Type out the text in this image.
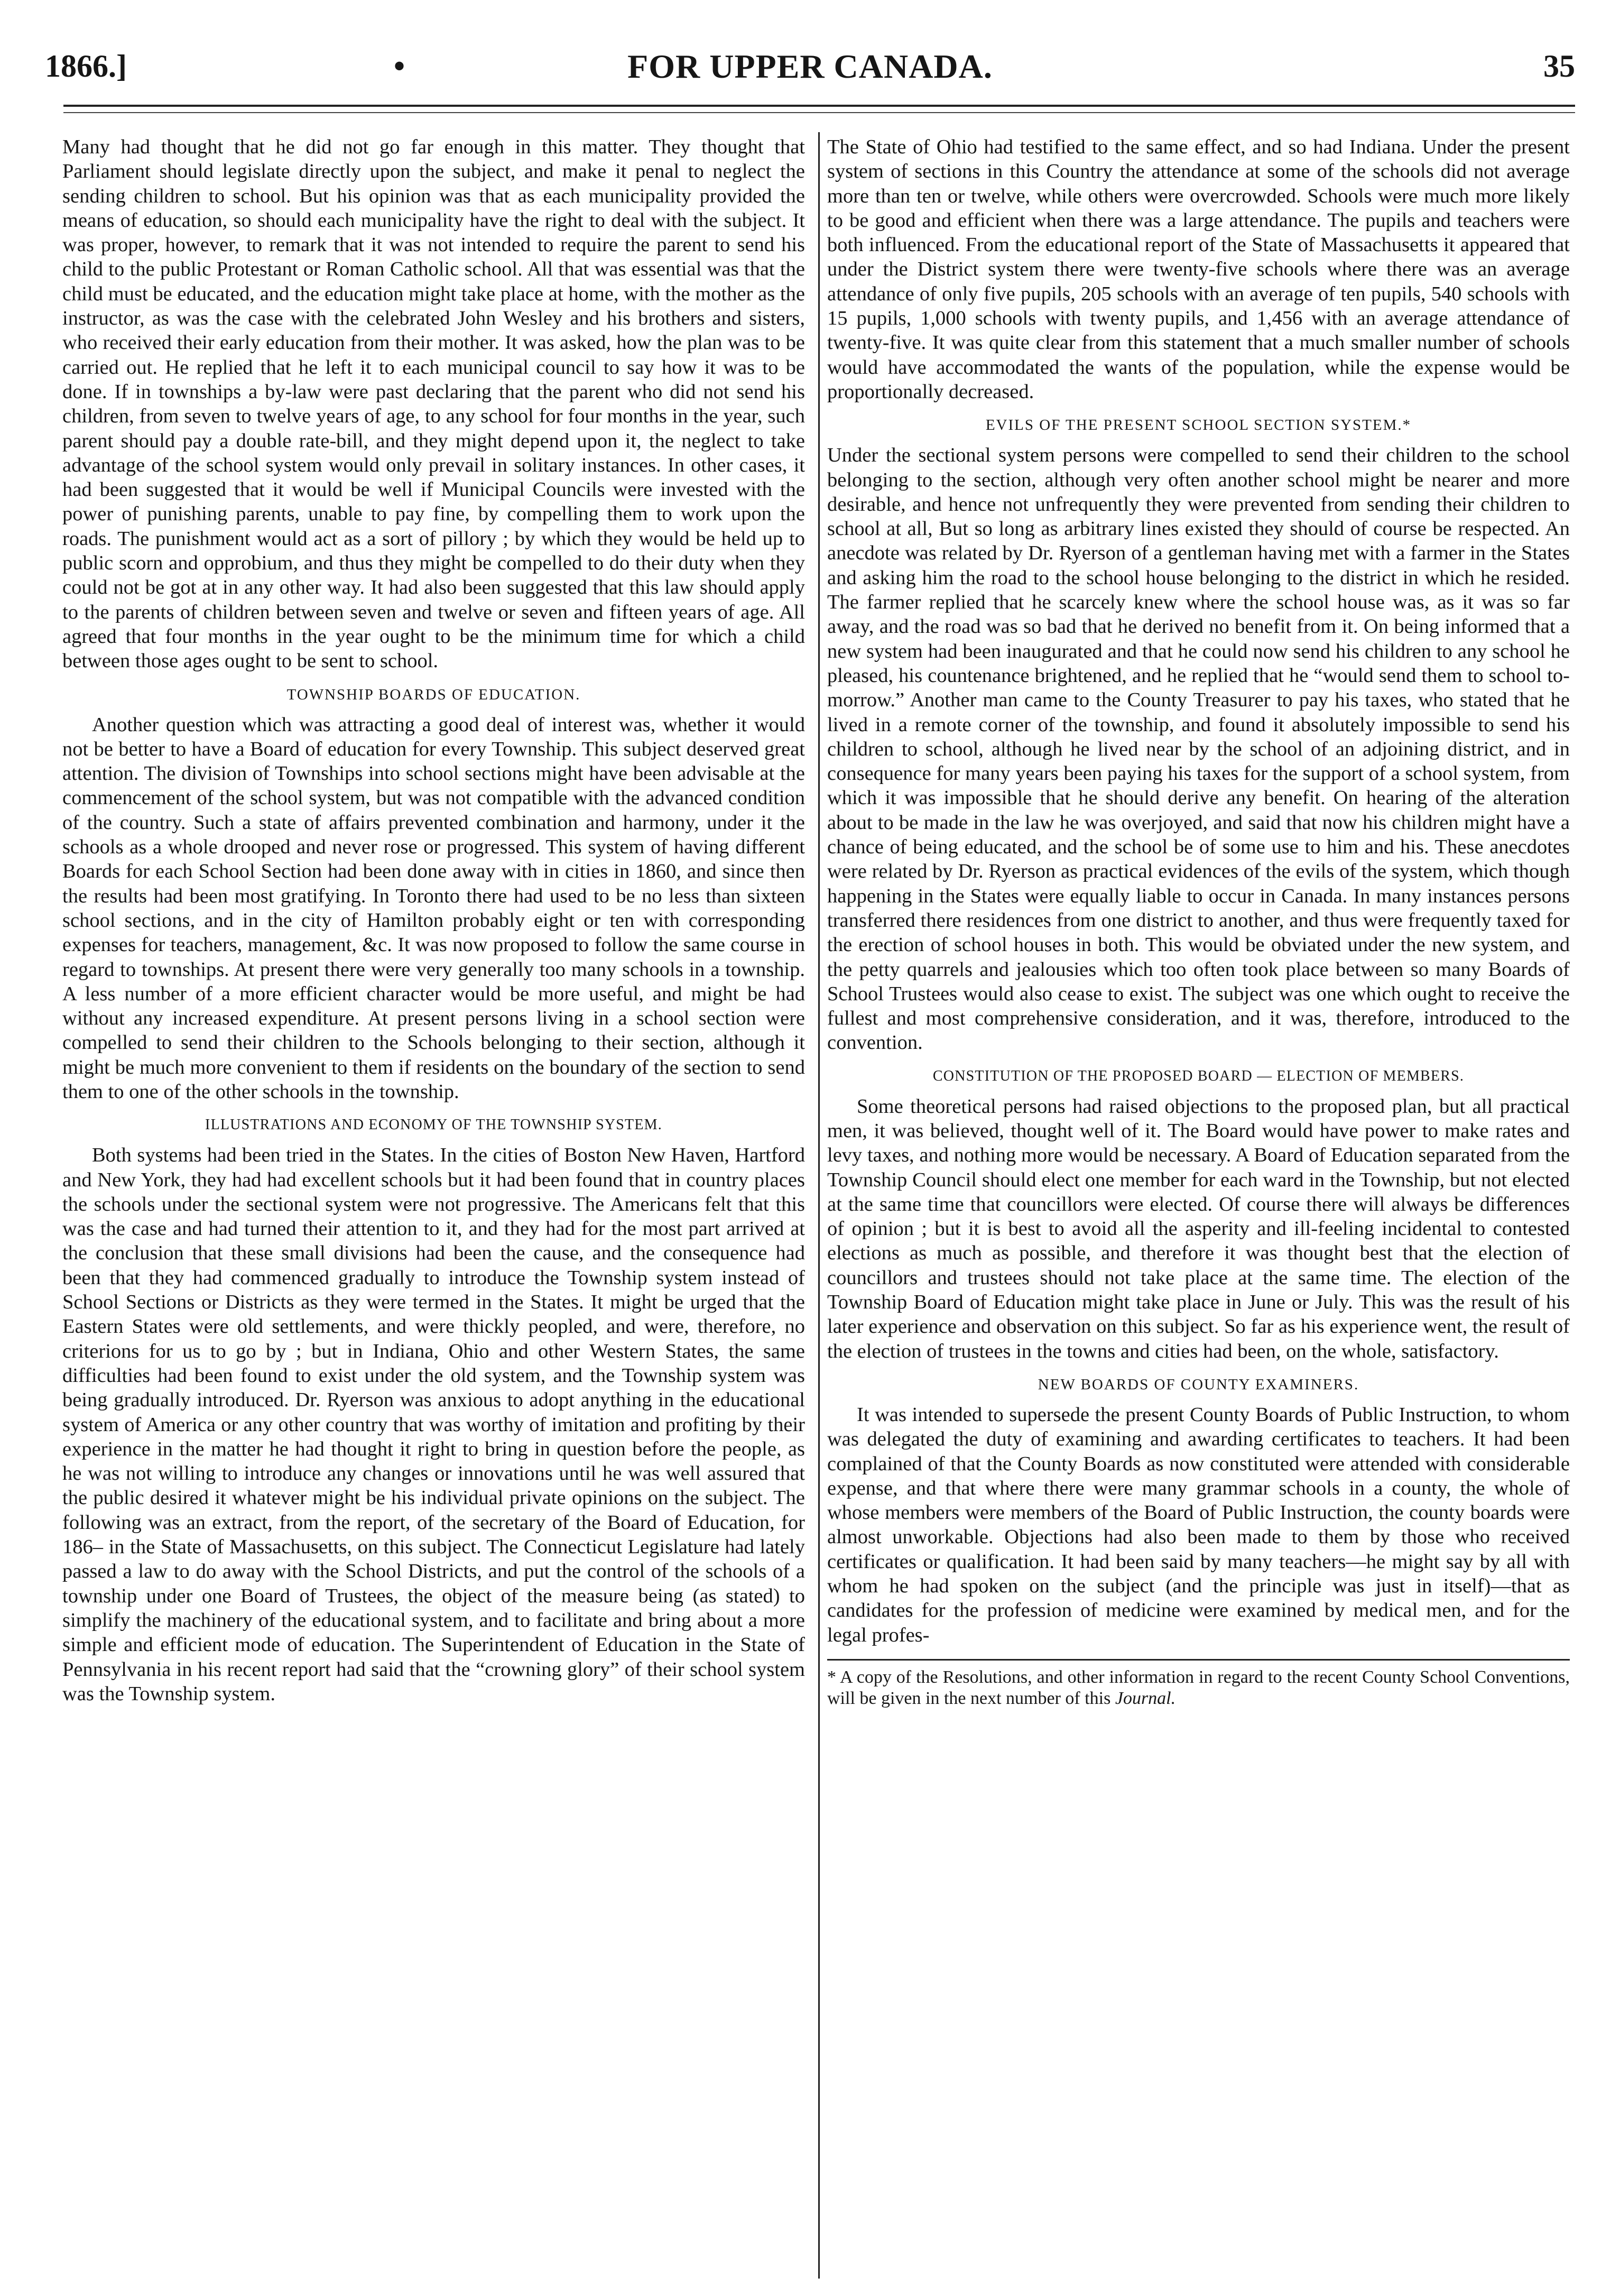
1866.]	•	FOR UPPER CANADA.	35

Many had thought that he did not go far enough in this matter. They thought that Parliament should legislate directly upon the subject, and make it penal to neglect the sending children to school. But his opinion was that as each municipality provided the means of education, so should each municipality have the right to deal with the subject. It was proper, however, to remark that it was not intended to require the parent to send his child to the public Protestant or Roman Catholic school. All that was essential was that the child must be educated, and the education might take place at home, with the mother as the instructor, as was the case with the celebrated John Wesley and his brothers and sisters, who received their early education from their mother. It was asked, how the plan was to be carried out. He replied that he left it to each municipal council to say how it was to be done. If in townships a by-law were past declaring that the parent who did not send his children, from seven to twelve years of age, to any school for four months in the year, such parent should pay a double rate-bill, and they might depend upon it, the neglect to take advantage of the school system would only prevail in solitary instances. In other cases, it had been suggested that it would be well if Municipal Councils were invested with the power of punishing parents, unable to pay fine, by compelling them to work upon the roads. The punishment would act as a sort of pillory ; by which they would be held up to public scorn and opprobium, and thus they might be compelled to do their duty when they could not be got at in any other way. It had also been suggested that this law should apply to the parents of children between seven and twelve or seven and fifteen years of age. All agreed that four months in the year ought to be the minimum time for which a child between those ages ought to be sent to school.

TOWNSHIP BOARDS OF EDUCATION.

Another question which was attracting a good deal of interest was, whether it would not be better to have a Board of education for every Township. This subject deserved great attention. The division of Townships into school sections might have been advisable at the commencement of the school system, but was not compatible with the advanced condition of the country. Such a state of affairs prevented combination and harmony, under it the schools as a whole drooped and never rose or progressed. This system of having different Boards for each School Section had been done away with in cities in 1860, and since then the results had been most gratifying. In Toronto there had used to be no less than sixteen school sections, and in the city of Hamilton probably eight or ten with corresponding expenses for teachers, management, &c. It was now proposed to follow the same course in regard to townships. At present there were very generally too many schools in a township. A less number of a more efficient character would be more useful, and might be had without any increased expenditure. At present persons living in a school section were compelled to send their children to the Schools belonging to their section, although it might be much more convenient to them if residents on the boundary of the section to send them to one of the other schools in the township.

ILLUSTRATIONS AND ECONOMY OF THE TOWNSHIP SYSTEM.

Both systems had been tried in the States. In the cities of Boston New Haven, Hartford and New York, they had had excellent schools but it had been found that in country places the schools under the sectional system were not progressive. The Americans felt that this was the case and had turned their attention to it, and they had for the most part arrived at the conclusion that these small divisions had been the cause, and the consequence had been that they had commenced gradually to introduce the Township system instead of School Sections or Districts as they were termed in the States. It might be urged that the Eastern States were old settlements, and were thickly peopled, and were, therefore, no criterions for us to go by ; but in Indiana, Ohio and other Western States, the same difficulties had been found to exist under the old system, and the Township system was being gradually introduced. Dr. Ryerson was anxious to adopt anything in the educational system of America or any other country that was worthy of imitation and profiting by their experience in the matter he had thought it right to bring in question before the people, as he was not willing to introduce any changes or innovations until he was well assured that the public desired it whatever might be his individual private opinions on the subject. The following was an extract, from the report, of the secretary of the Board of Education, for 186– in the State of Massachusetts, on this subject. The Connecticut Legislature had lately passed a law to do away with the School Districts, and put the control of the schools of a township under one Board of Trustees, the object of the measure being (as stated) to simplify the machinery of the educational system, and to facilitate and bring about a more simple and efficient mode of education. The Superintendent of Education in the State of Pennsylvania in his recent report had said that the “crowning glory” of their school system was the Township system.

The State of Ohio had testified to the same effect, and so had Indiana. Under the present system of sections in this Country the attendance at some of the schools did not average more than ten or twelve, while others were overcrowded. Schools were much more likely to be good and efficient when there was a large attendance. The pupils and teachers were both influenced. From the educational report of the State of Massachusetts it appeared that under the District system there were twenty-five schools where there was an average attendance of only five pupils, 205 schools with an average of ten pupils, 540 schools with 15 pupils, 1,000 schools with twenty pupils, and 1,456 with an average attendance of twenty-five. It was quite clear from this statement that a much smaller number of schools would have accommodated the wants of the population, while the expense would be proportionally decreased.

EVILS OF THE PRESENT SCHOOL SECTION SYSTEM.*

Under the sectional system persons were compelled to send their children to the school belonging to the section, although very often another school might be nearer and more desirable, and hence not unfrequently they were prevented from sending their children to school at all, But so long as arbitrary lines existed they should of course be respected. An anecdote was related by Dr. Ryerson of a gentleman having met with a farmer in the States and asking him the road to the school house belonging to the district in which he resided. The farmer replied that he scarcely knew where the school house was, as it was so far away, and the road was so bad that he derived no benefit from it. On being informed that a new system had been inaugurated and that he could now send his children to any school he pleased, his countenance brightened, and he replied that he “would send them to school to-morrow.” Another man came to the County Treasurer to pay his taxes, who stated that he lived in a remote corner of the township, and found it absolutely impossible to send his children to school, although he lived near by the school of an adjoining district, and in consequence for many years been paying his taxes for the support of a school system, from which it was impossible that he should derive any benefit. On hearing of the alteration about to be made in the law he was overjoyed, and said that now his children might have a chance of being educated, and the school be of some use to him and his. These anecdotes were related by Dr. Ryerson as practical evidences of the evils of the system, which though happening in the States were equally liable to occur in Canada. In many instances persons transferred there residences from one district to another, and thus were frequently taxed for the erection of school houses in both. This would be obviated under the new system, and the petty quarrels and jealousies which too often took place between so many Boards of School Trustees would also cease to exist. The subject was one which ought to receive the fullest and most comprehensive consideration, and it was, therefore, introduced to the convention.

CONSTITUTION OF THE PROPOSED BOARD — ELECTION OF MEMBERS.

Some theoretical persons had raised objections to the proposed plan, but all practical men, it was believed, thought well of it. The Board would have power to make rates and levy taxes, and nothing more would be necessary. A Board of Education separated from the Township Council should elect one member for each ward in the Township, but not elected at the same time that councillors were elected. Of course there will always be differences of opinion ; but it is best to avoid all the asperity and ill-feeling incidental to contested elections as much as possible, and therefore it was thought best that the election of councillors and trustees should not take place at the same time. The election of the Township Board of Education might take place in June or July. This was the result of his later experience and observation on this subject. So far as his experience went, the result of the election of trustees in the towns and cities had been, on the whole, satisfactory.

NEW BOARDS OF COUNTY EXAMINERS.

It was intended to supersede the present County Boards of Public Instruction, to whom was delegated the duty of examining and awarding certificates to teachers. It had been complained of that the County Boards as now constituted were attended with considerable expense, and that where there were many grammar schools in a county, the whole of whose members were members of the Board of Public Instruction, the county boards were almost unworkable. Objections had also been made to them by those who received certificates or qualification. It had been said by many teachers—he might say by all with whom he had spoken on the subject (and the principle was just in itself)—that as candidates for the profession of medicine were examined by medical men, and for the legal profes-

* A copy of the Resolutions, and other information in regard to the recent County School Conventions, will be given in the next number of this Journal.
